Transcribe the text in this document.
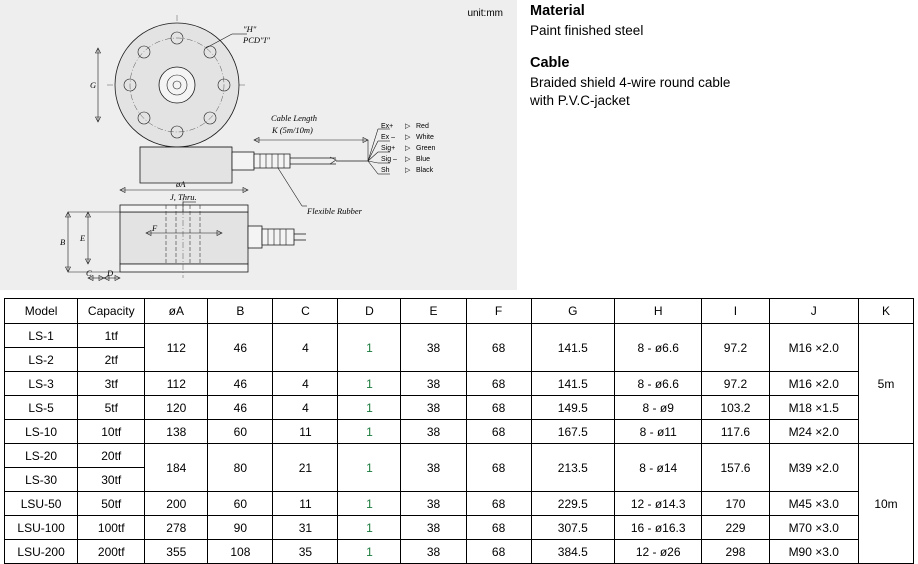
"H"
PCD"I"
G
Ex+
Ex –
Sig+
Sig –
Sh
▷
▷
▷
▷
▷
Red
White
Green
Blue
Black
Cable Length
K (5m/10m)
Flexible Rubber
øA
J, Thru.
F
B E
C D
unit:mm Material

Paint finished steel

Cable

Braided shield 4-wire round cable

with P.V.C-jacket

Model	Capacity	øA	B	C	D	E	F	G	H	I	J	K
LS-1	1tf	112	46	4	1	38	68	141.5	8 - ø6.6	97.2	M16 ×2.0	5m
LS-2	2tf											
LS-3	3tf	112	46	4	1	38	68	141.5	8 - ø6.6	97.2	M16 ×2.0	
LS-5	5tf	120	46	4	1	38	68	149.5	8 - ø9	103.2	M18 ×1.5	
LS-10	10tf	138	60	11	1	38	68	167.5	8 - ø11	117.6	M24 ×2.0	
LS-20	20tf	184	80	21	1	38	68	213.5	8 - ø14	157.6	M39 ×2.0	10m
LS-30	30tf											
LSU-50	50tf	200	60	11	1	38	68	229.5	12 - ø14.3	170	M45 ×3.0	
LSU-100	100tf	278	90	31	1	38	68	307.5	16 - ø16.3	229	M70 ×3.0	
LSU-200	200tf	355	108	35	1	38	68	384.5	12 - ø26	298	M90 ×3.0	
